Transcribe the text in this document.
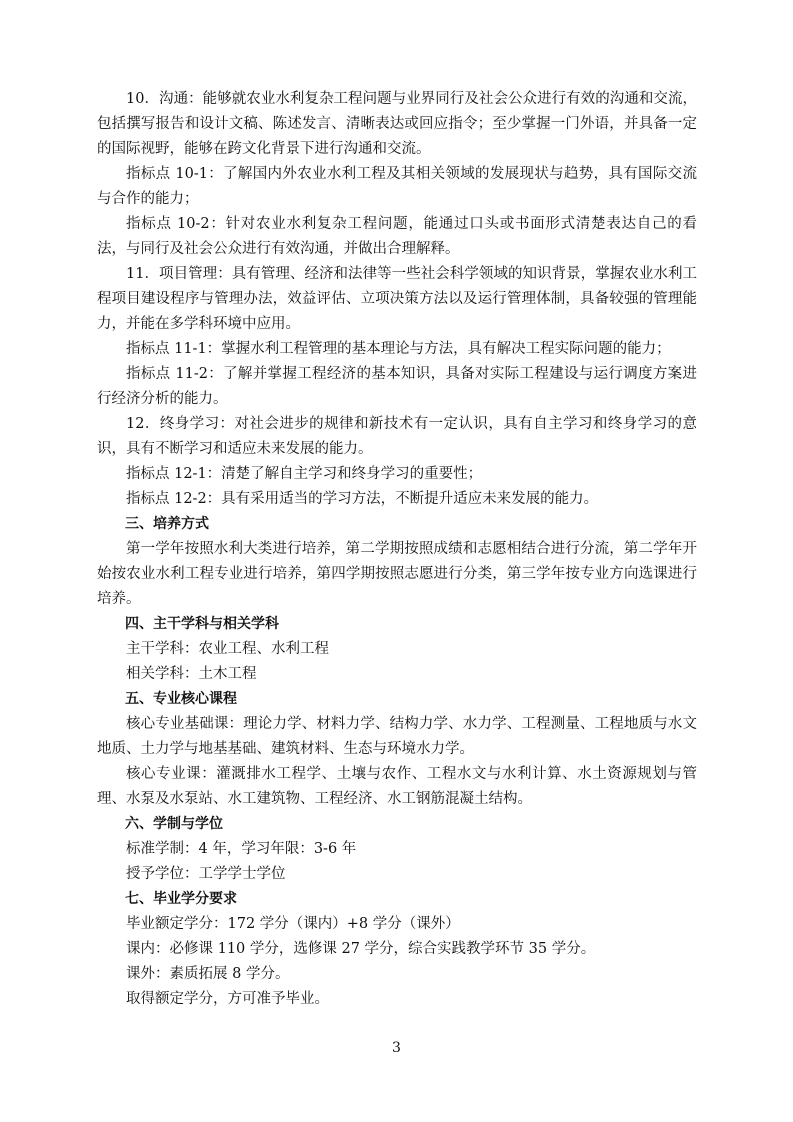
10．沟通：能够就农业水利复杂工程问题与业界同行及社会公众进行有效的沟通和交流，包括撰写报告和设计文稿、陈述发言、清晰表达或回应指令；至少掌握一门外语，并具备一定的国际视野，能够在跨文化背景下进行沟通和交流。

指标点 10-1：了解国内外农业水利工程及其相关领域的发展现状与趋势，具有国际交流与合作的能力；

指标点 10-2：针对农业水利复杂工程问题，能通过口头或书面形式清楚表达自己的看法，与同行及社会公众进行有效沟通，并做出合理解释。

11．项目管理：具有管理、经济和法律等一些社会科学领域的知识背景，掌握农业水利工程项目建设程序与管理办法，效益评估、立项决策方法以及运行管理体制，具备较强的管理能力，并能在多学科环境中应用。

指标点 11-1：掌握水利工程管理的基本理论与方法，具有解决工程实际问题的能力；

指标点 11-2：了解并掌握工程经济的基本知识，具备对实际工程建设与运行调度方案进行经济分析的能力。

12．终身学习：对社会进步的规律和新技术有一定认识，具有自主学习和终身学习的意识，具有不断学习和适应未来发展的能力。

指标点 12-1：清楚了解自主学习和终身学习的重要性；

指标点 12-2：具有采用适当的学习方法，不断提升适应未来发展的能力。

三、培养方式

第一学年按照水利大类进行培养，第二学期按照成绩和志愿相结合进行分流，第二学年开始按农业水利工程专业进行培养，第四学期按照志愿进行分类，第三学年按专业方向选课进行培养。

四、主干学科与相关学科

主干学科：农业工程、水利工程

相关学科：土木工程

五、专业核心课程

核心专业基础课：理论力学、材料力学、结构力学、水力学、工程测量、工程地质与水文地质、土力学与地基基础、建筑材料、生态与环境水力学。

核心专业课：灌溉排水工程学、土壤与农作、工程水文与水利计算、水土资源规划与管理、水泵及水泵站、水工建筑物、工程经济、水工钢筋混凝土结构。

六、学制与学位

标准学制：4 年，学习年限：3-6 年

授予学位：工学学士学位

七、毕业学分要求

毕业额定学分：172 学分（课内）+8 学分（课外）

课内：必修课 110 学分，选修课 27 学分，综合实践教学环节 35 学分。

课外：素质拓展 8 学分。

取得额定学分，方可准予毕业。

3
